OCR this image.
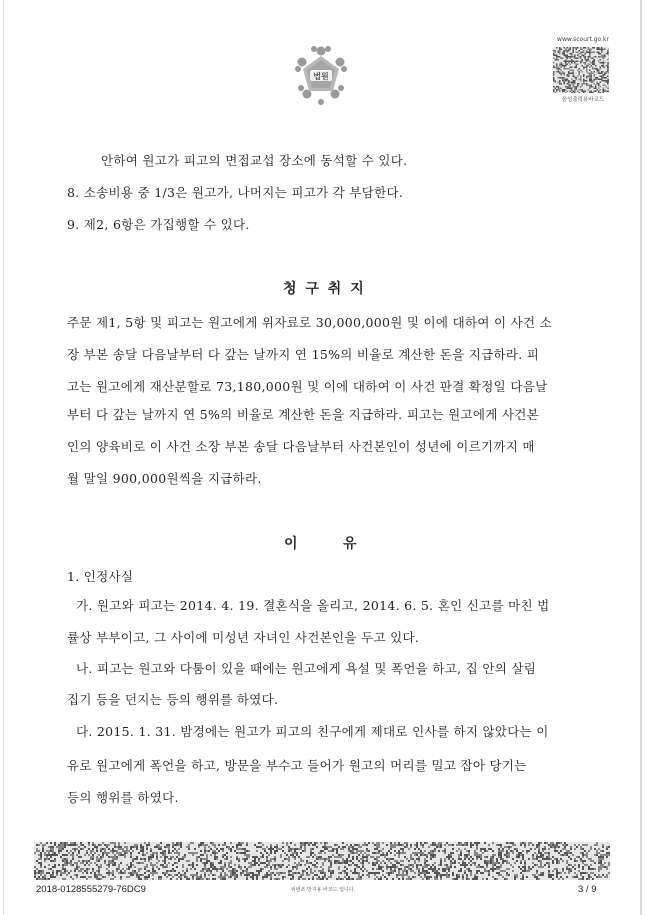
법원
www.scourt.go.kr
음성출력용바코드
안하여 원고가 피고의 면접교섭 장소에 동석할 수 있다.
8. 소송비용 중 1/3은 원고가, 나머지는 피고가 각 부담한다.
9. 제2, 6항은 가집행할 수 있다.
청 구 취 지
주문 제1, 5항 및 피고는 원고에게 위자료로 30,000,000원 및 이에 대하여 이 사건 소
장 부본 송달 다음날부터 다 갚는 날까지 연 15%의 비율로 계산한 돈을 지급하라. 피
고는 원고에게 재산분할로 73,180,000원 및 이에 대하여 이 사건 판결 확정일 다음날
부터 다 갚는 날까지 연 5%의 비율로 계산한 돈을 지급하라. 피고는 원고에게 사건본
인의 양육비로 이 사건 소장 부본 송달 다음날부터 사건본인이 성년에 이르기까지 매
월 말일 900,000원씩을 지급하라.
이	유
1. 인정사실
가. 원고와 피고는 2014. 4. 19. 결혼식을 올리고, 2014. 6. 5. 혼인 신고를 마친 법
률상 부부이고, 그 사이에 미성년 자녀인 사건본인을 두고 있다.
나. 피고는 원고와 다툼이 있을 때에는 원고에게 욕설 및 폭언을 하고, 집 안의 살림
집기 등을 던지는 등의 행위를 하였다.
다. 2015. 1. 31. 밤경에는 원고가 피고의 친구에게 제대로 인사를 하지 않았다는 이
유로 원고에게 폭언을 하고, 방문을 부수고 들어가 원고의 머리를 밀고 잡아 당기는
등의 행위를 하였다.
2018-0128555279-76DC9	위변조 방지용 바코드 입니다.	3 / 9
